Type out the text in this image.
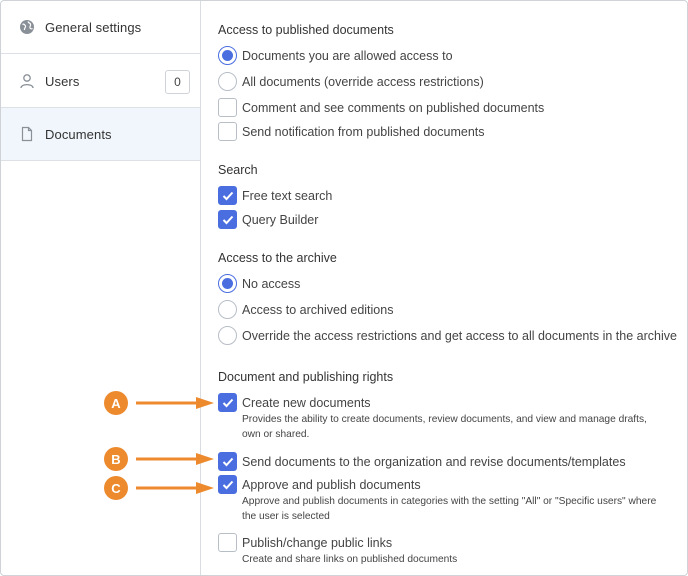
General settings
Users	0
Documents
Access to published documents
Documents you are allowed access to
All documents (override access restrictions)
Comment and see comments on published documents
Send notification from published documents
Search
Free text search
Query Builder
Access to the archive
No access
Access to archived editions
Override the access restrictions and get access to all documents in the archive
Document and publishing rights
Create new documents
Provides the ability to create documents, review documents, and view and manage drafts, own or shared.
Send documents to the organization and revise documents/templates
Approve and publish documents
Approve and publish documents in categories with the setting "All" or "Specific users" where the user is selected
Publish/change public links
Create and share links on published documents
A
B
C
